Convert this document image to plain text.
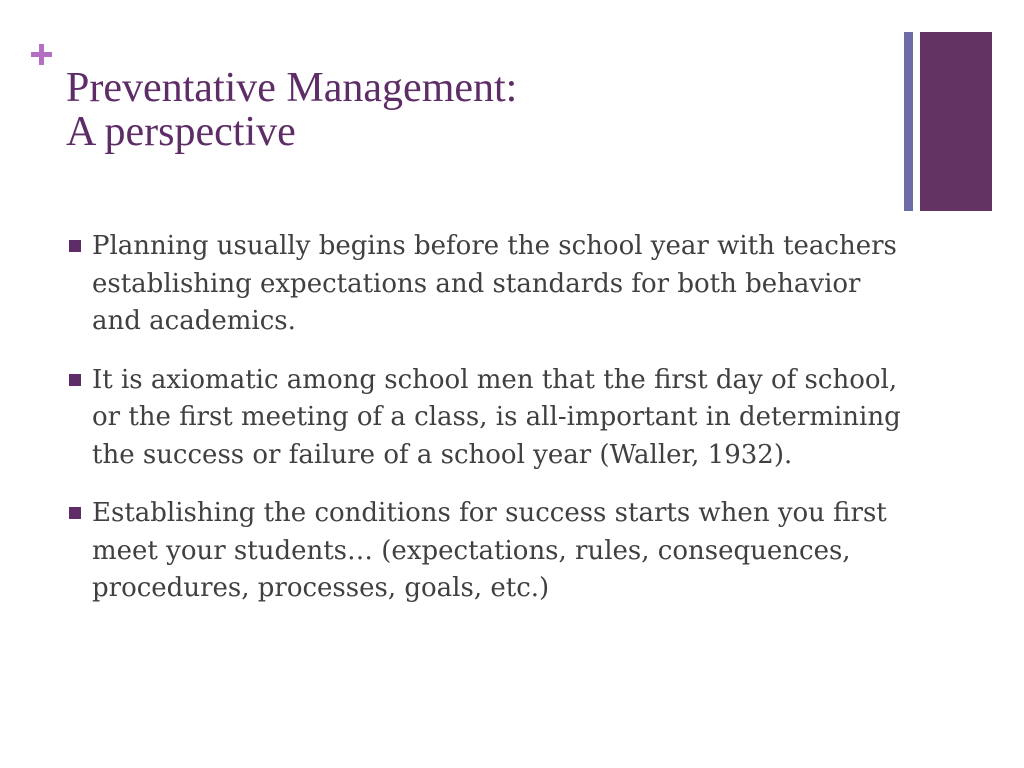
Preventative Management:
A perspective
Planning usually begins before the school year with teachers establishing expectations and standards for both behavior and academics.
It is axiomatic among school men that the first day of school, or the first meeting of a class, is all-important in determining the success or failure of a school year (Waller, 1932).
Establishing the conditions for success starts when you first meet your students… (expectations, rules, consequences, procedures, processes, goals, etc.)
